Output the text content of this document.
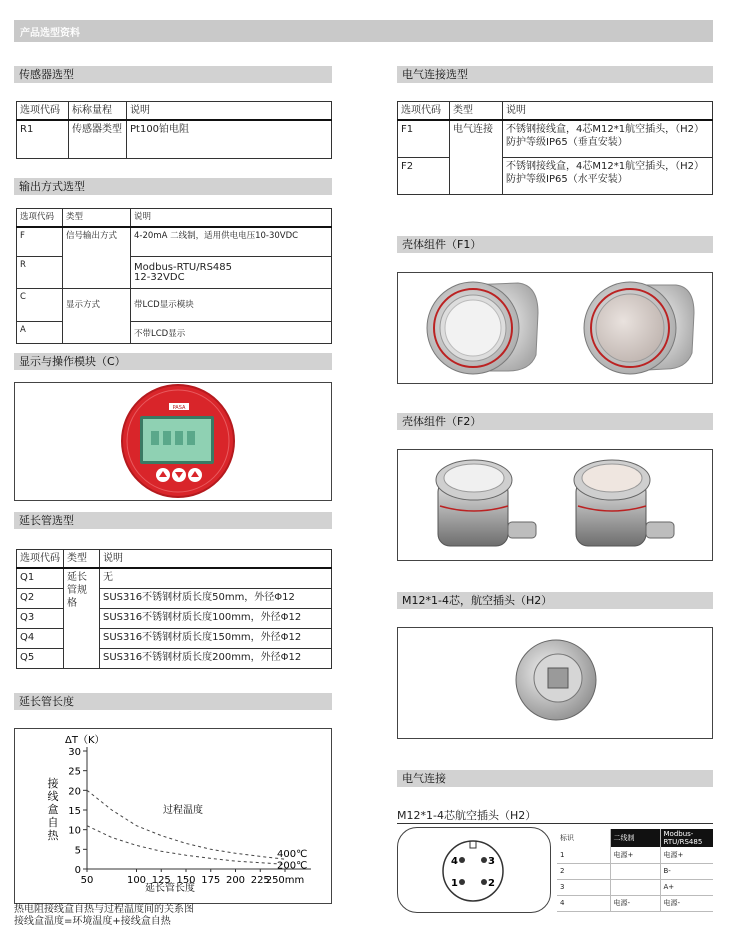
产品选型资料
传感器选型
选项代码	标称量程	说明
R1	传感器类型	Pt100铂电阻
输出方式选型
选项代码	类型	说明
F	信号输出方式	4-20mA 二线制，适用供电电压10-30VDC
R		Modbus-RTU/RS485
12-32VDC

C	显示方式	带LCD显示模块
A		不带LCD显示
显示与操作模块（C）
PASA
延长管选型
选项代码	类型	说明
Q1	延长管规格	无
Q2		SUS316不锈钢材质长度50mm，外径Φ12
Q3		SUS316不锈钢材质长度100mm，外径Φ12
Q4		SUS316不锈钢材质长度150mm，外径Φ12
Q5		SUS316不锈钢材质长度200mm，外径Φ12
延长管长度
ΔT（K）
0
5
10
15
20
25
30
50	100 125 150 175 200 225
250mm
接
线
盒
自
热
400℃
200℃
过程温度
延长管长度
热电阻接线盒自热与过程温度间的关系图
接线盒温度=环境温度+接线盒自热
电气连接选型
选项代码	类型	说明
F1	电气连接	不锈钢接线盒，4芯M12*1航空插头，（H2）防护等级IP65（垂直安装）
F2		不锈钢接线盒，4芯M12*1航空插头，（H2）防护等级IP65（水平安装）
壳体组件（F1）
壳体组件（F2）
M12*1-4芯，航空插头（H2）
电气连接
M12*1-4芯航空插头（H2）
4	3
1	2
标识	二线制	Modbus-RTU/RS485
1	电源+	电源+
2		B-
3		A+
4	电源-	电源-
